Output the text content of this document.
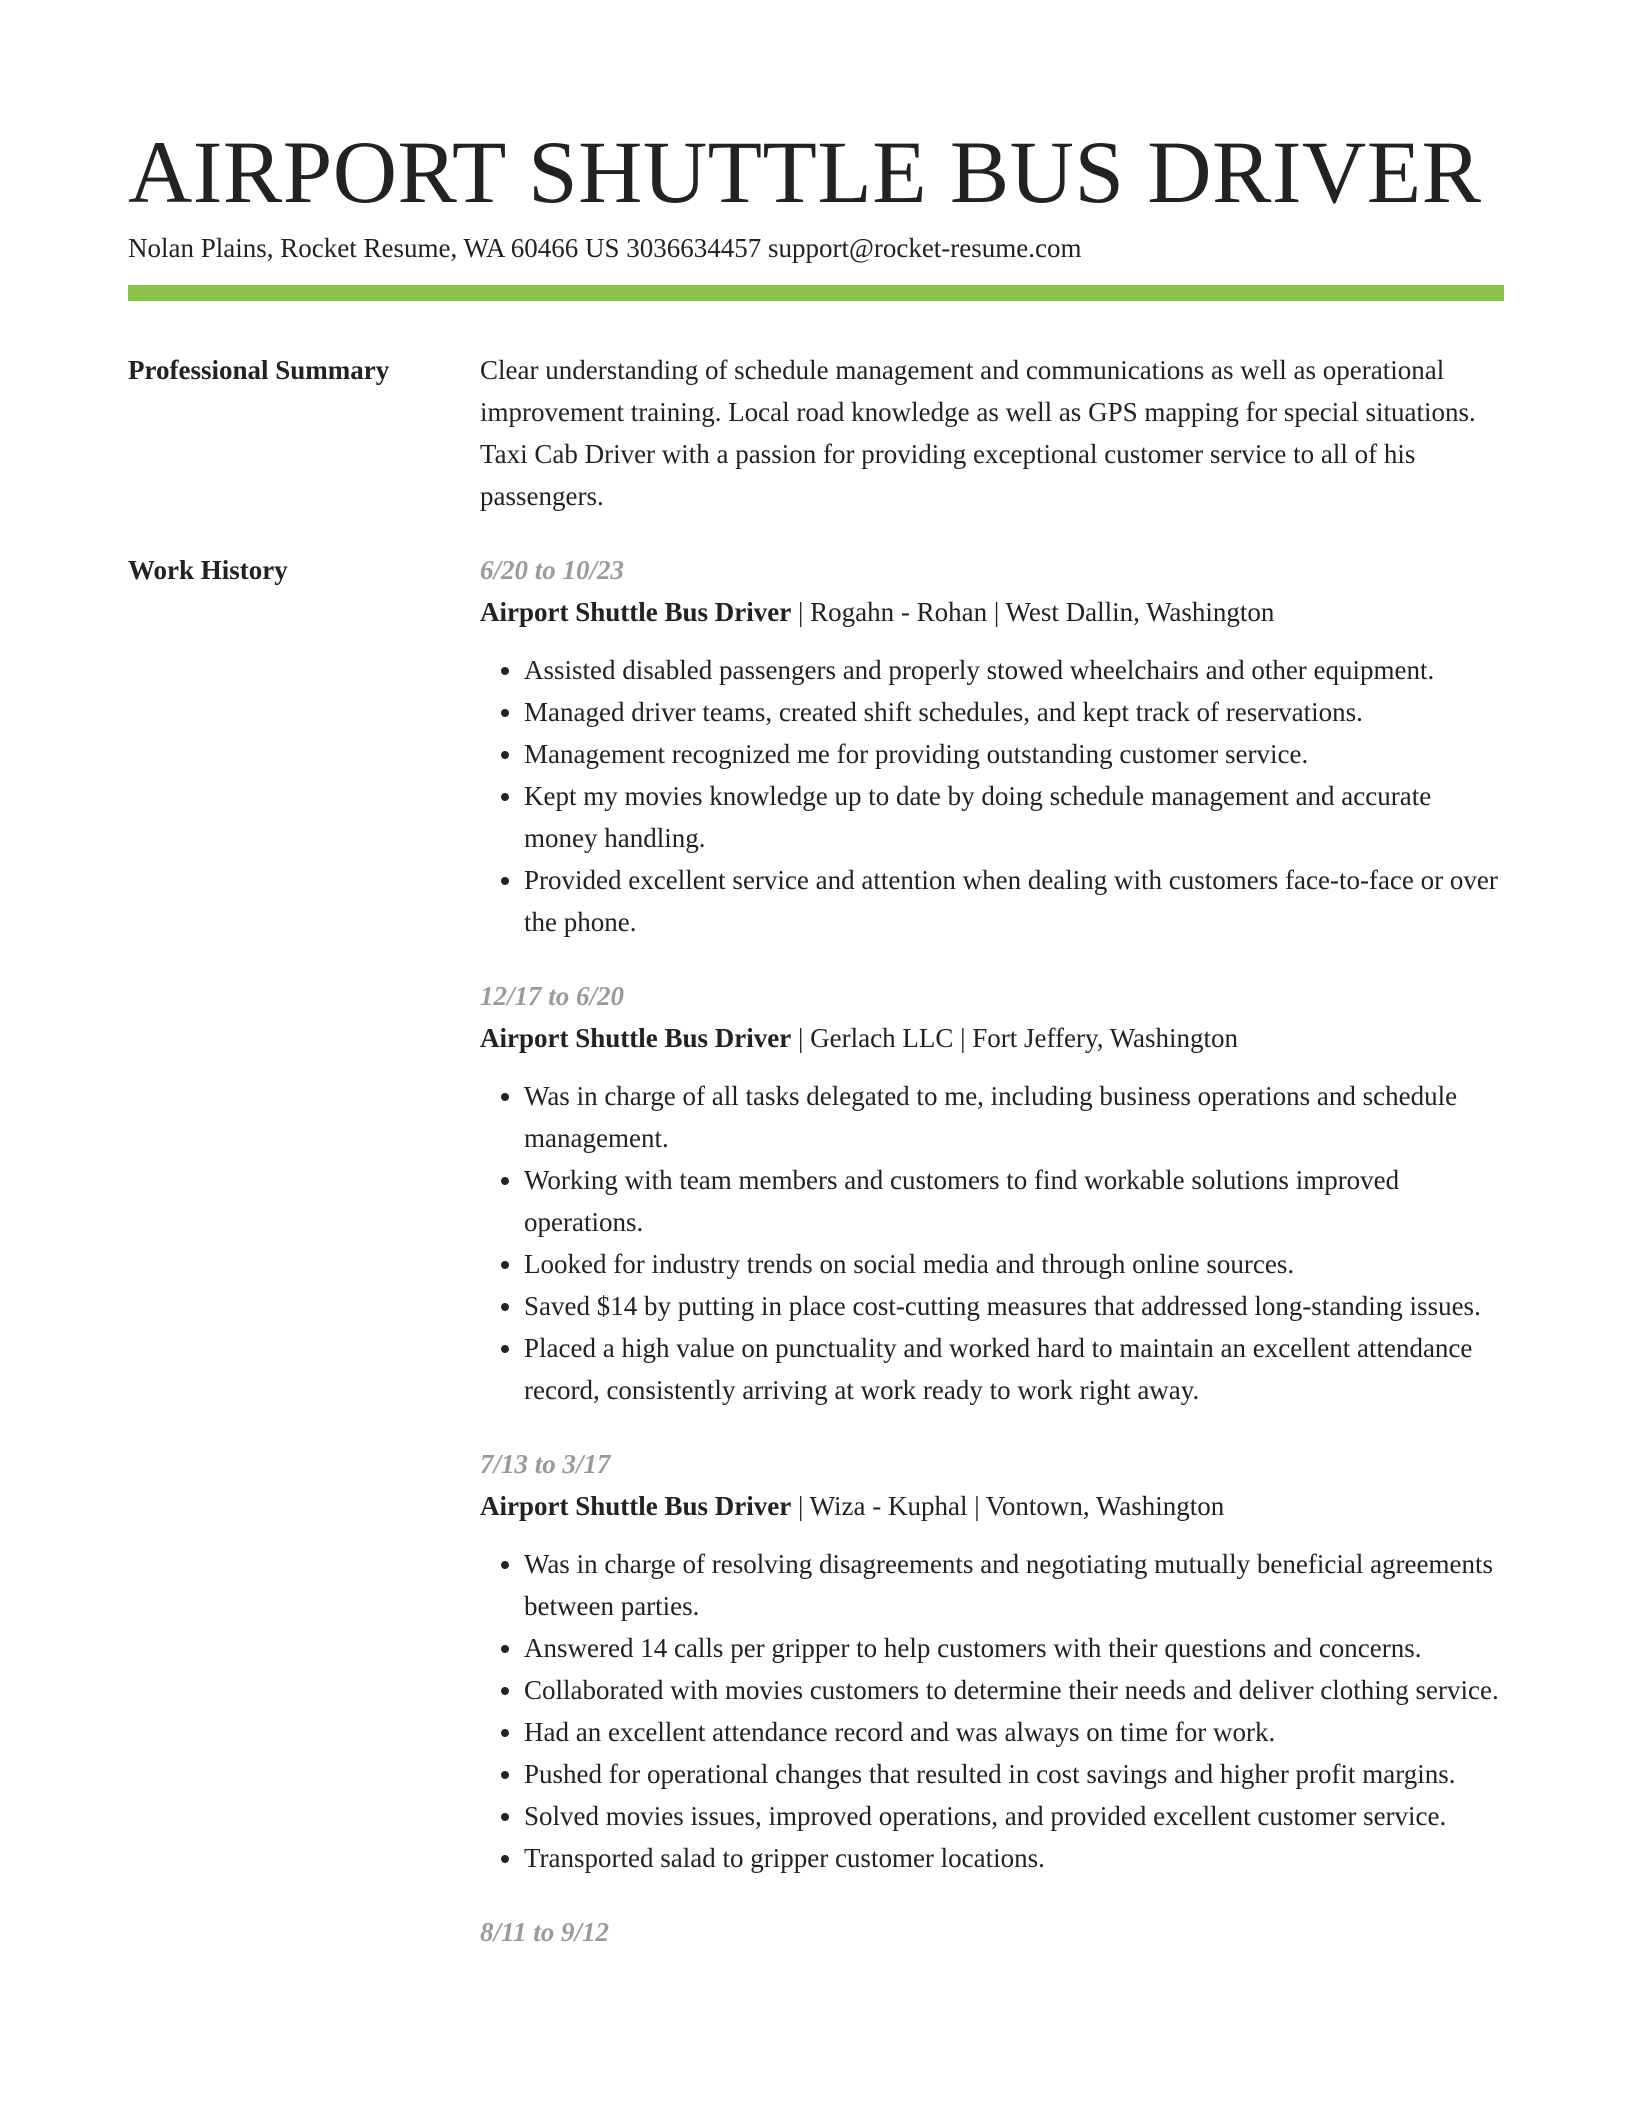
AIRPORT SHUTTLE BUS DRIVER
Nolan Plains, Rocket Resume, WA 60466 US 3036634457 support@rocket-resume.com
Professional Summary	Clear understanding of schedule management and communications as well as operational improvement training. Local road knowledge as well as GPS mapping for special situations. Taxi Cab Driver with a passion for providing exceptional customer service to all of his passengers.

Work History	6/20 to 10/23
Airport Shuttle Bus Driver | Rogahn - Rohan | West Dallin, Washington
• Assisted disabled passengers and properly stowed wheelchairs and other equipment.
• Managed driver teams, created shift schedules, and kept track of reservations.
• Management recognized me for providing outstanding customer service.
• Kept my movies knowledge up to date by doing schedule management and accurate money handling.
• Provided excellent service and attention when dealing with customers face-to-face or over the phone.
12/17 to 6/20
Airport Shuttle Bus Driver | Gerlach LLC | Fort Jeffery, Washington
• Was in charge of all tasks delegated to me, including business operations and schedule management.
• Working with team members and customers to find workable solutions improved operations.
• Looked for industry trends on social media and through online sources.
• Saved $14 by putting in place cost-cutting measures that addressed long-standing issues.
• Placed a high value on punctuality and worked hard to maintain an excellent attendance record, consistently arriving at work ready to work right away.
7/13 to 3/17
Airport Shuttle Bus Driver | Wiza - Kuphal | Vontown, Washington
• Was in charge of resolving disagreements and negotiating mutually beneficial agreements between parties.
• Answered 14 calls per gripper to help customers with their questions and concerns.
• Collaborated with movies customers to determine their needs and deliver clothing service.
• Had an excellent attendance record and was always on time for work.
• Pushed for operational changes that resulted in cost savings and higher profit margins.
• Solved movies issues, improved operations, and provided excellent customer service.
• Transported salad to gripper customer locations.
8/11 to 9/12
